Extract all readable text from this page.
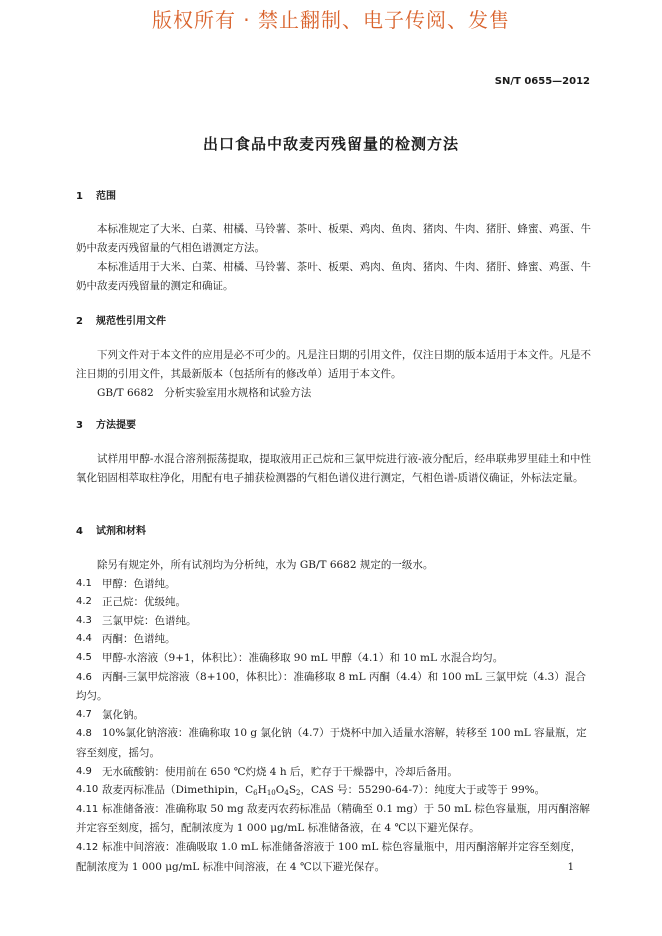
版权所有 · 禁止翻制、电子传阅、发售
SN/T 0655—2012
出口食品中敌麦丙残留量的检测方法
1 范围
本标准规定了大米、白菜、柑橘、马铃薯、茶叶、板栗、鸡肉、鱼肉、猪肉、牛肉、猪肝、蜂蜜、鸡蛋、牛奶中敌麦丙残留量的气相色谱测定方法。
本标准适用于大米、白菜、柑橘、马铃薯、茶叶、板栗、鸡肉、鱼肉、猪肉、牛肉、猪肝、蜂蜜、鸡蛋、牛奶中敌麦丙残留量的测定和确证。
2 规范性引用文件
下列文件对于本文件的应用是必不可少的。凡是注日期的引用文件，仅注日期的版本适用于本文件。凡是不注日期的引用文件，其最新版本（包括所有的修改单）适用于本文件。
GB/T 6682　分析实验室用水规格和试验方法
3 方法提要
试样用甲醇-水混合溶剂振荡提取，提取液用正己烷和三氯甲烷进行液-液分配后，经串联弗罗里硅土和中性氧化铝固相萃取柱净化，用配有电子捕获检测器的气相色谱仪进行测定，气相色谱-质谱仪确证，外标法定量。
4 试剂和材料
除另有规定外，所有试剂均为分析纯，水为 GB/T 6682 规定的一级水。
4.1 甲醇：色谱纯。
4.2 正己烷：优级纯。
4.3 三氯甲烷：色谱纯。
4.4 丙酮：色谱纯。
4.5 甲醇-水溶液（9+1，体积比）：准确移取 90 mL 甲醇（4.1）和 10 mL 水混合均匀。
4.6 丙酮-三氯甲烷溶液（8+100，体积比）：准确移取 8 mL 丙酮（4.4）和 100 mL 三氯甲烷（4.3）混合均匀。
4.7 氯化钠。
4.8 10%氯化钠溶液：准确称取 10 g 氯化钠（4.7）于烧杯中加入适量水溶解，转移至 100 mL 容量瓶，定容至刻度，摇匀。
4.9 无水硫酸钠：使用前在 650 ℃灼烧 4 h 后，贮存于干燥器中，冷却后备用。
4.10 敌麦丙标准品（Dimethipin，$C_6H_{10}O_4S_2$，CAS 号：55290-64-7）：纯度大于或等于 99%。
4.11 标准储备液：准确称取 50 mg 敌麦丙农药标准品（精确至 0.1 mg）于 50 mL 棕色容量瓶，用丙酮溶解并定容至刻度，摇匀，配制浓度为 1 000 μg/mL 标准储备液，在 4 ℃以下避光保存。
4.12 标准中间溶液：准确吸取 1.0 mL 标准储备溶液于 100 mL 棕色容量瓶中，用丙酮溶解并定容至刻度，配制浓度为 1 000 μg/mL 标准中间溶液，在 4 ℃以下避光保存。	1
